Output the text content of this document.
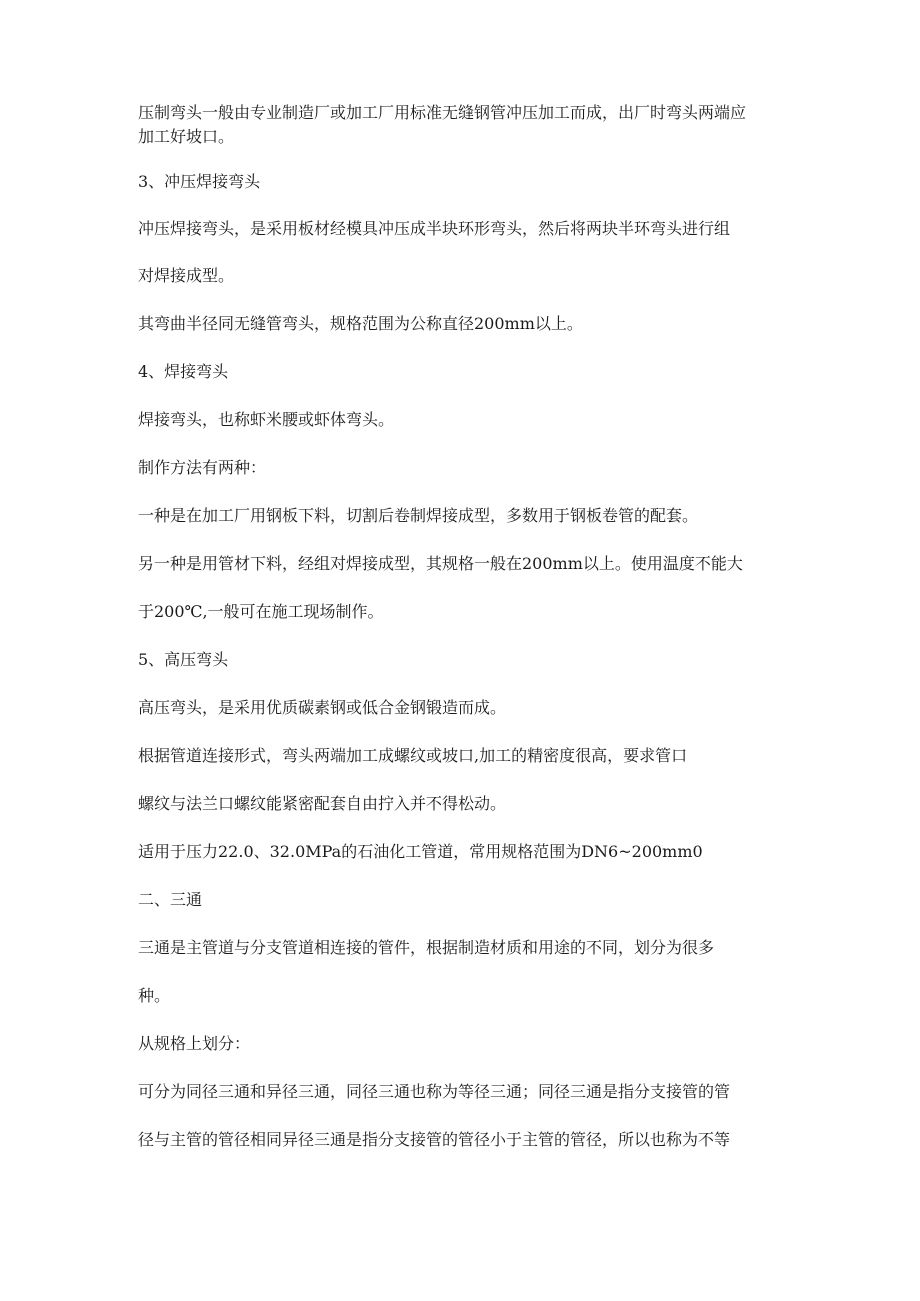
压制弯头一般由专业制造厂或加工厂用标准无缝钢管冲压加工而成，出厂时弯头两端应

加工好坡口。

3、冲压焊接弯头

冲压焊接弯头，是采用板材经模具冲压成半块环形弯头，然后将两块半环弯头进行组

对焊接成型。

其弯曲半径同无缝管弯头，规格范围为公称直径200mm以上。

4、焊接弯头

焊接弯头，也称虾米腰或虾体弯头。

制作方法有两种：

一种是在加工厂用钢板下料，切割后卷制焊接成型，多数用于钢板卷管的配套。

另一种是用管材下料，经组对焊接成型，其规格一般在200mm以上。使用温度不能大

于200℃,一般可在施工现场制作。

5、高压弯头

高压弯头，是采用优质碳素钢或低合金钢锻造而成。

根据管道连接形式，弯头两端加工成螺纹或坡口,加工的精密度很高，要求管口

螺纹与法兰口螺纹能紧密配套自由拧入并不得松动。

适用于压力22.0、32.0MPa的石油化工管道，常用规格范围为DN6~200mm0

二、三通

三通是主管道与分支管道相连接的管件，根据制造材质和用途的不同，划分为很多

种。

从规格上划分：

可分为同径三通和异径三通，同径三通也称为等径三通；同径三通是指分支接管的管

径与主管的管径相同异径三通是指分支接管的管径小于主管的管径，所以也称为不等
